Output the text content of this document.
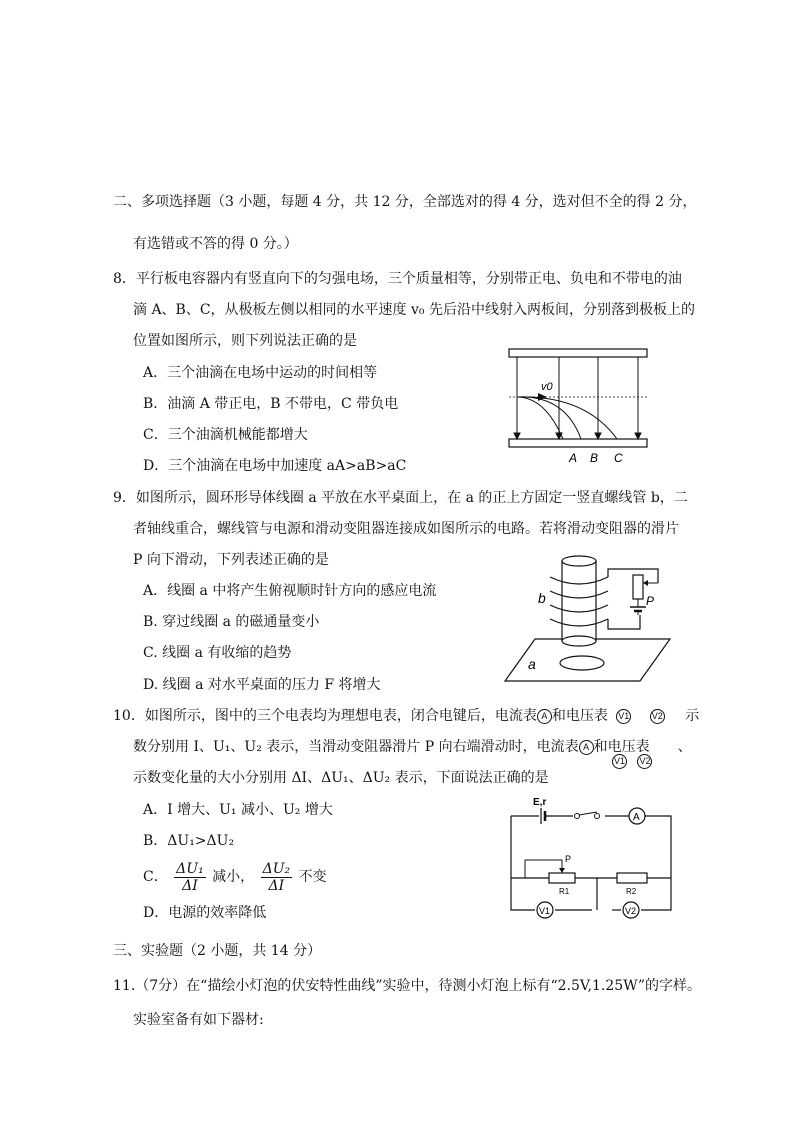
二、多项选择题（3 小题，每题 4 分，共 12 分，全部选对的得 4 分，选对但不全的得 2 分，
有选错或不答的得 0 分。）
8．平行板电容器内有竖直向下的匀强电场，三个质量相等，分别带正电、负电和不带电的油
滴 A、B、C，从极板左侧以相同的水平速度 v₀ 先后沿中线射入两板间，分别落到极板上的
位置如图所示，则下列说法正确的是
A．三个油滴在电场中运动的时间相等
B．油滴 A 带正电，B 不带电，C 带负电
C．三个油滴机械能都增大
D．三个油滴在电场中加速度 aA>aB>aC
v0
A B C
9．如图所示，圆环形导体线圈 a 平放在水平桌面上，在 a 的正上方固定一竖直螺线管 b，二
者轴线重合，螺线管与电源和滑动变阻器连接成如图所示的电路。若将滑动变阻器的滑片
P 向下滑动，下列表述正确的是
A．线圈 a 中将产生俯视顺时针方向的感应电流
B. 穿过线圈 a 的磁通量变小
C. 线圈 a 有收缩的趋势
D. 线圈 a 对水平桌面的压力 F 将增大
b
a
P
10．如图所示，图中的三个电表均为理想电表，闭合电键后，电流表 A 和电压表 V1 V2 示
数分别用 I、U₁、U₂ 表示，当滑动变阻器滑片 P 向右端滑动时，电流表 A 和电压表 、
V1 V2
示数变化量的大小分别用 ΔI、ΔU₁、ΔU₂ 表示，下面说法正确的是
A．I 增大、U₁ 减小、U₂ 增大
B．ΔU₁>ΔU₂
C． $\frac{\text{ΔU₁}}{\Delta I}$ 减小， $\frac{\text{ΔU₂}}{\Delta I}$ 不变
D．电源的效率降低
A
V1	V2
E,r
P
R1	R2
三、实验题（2 小题，共 14 分）
11.（7分）在“描绘小灯泡的伏安特性曲线”实验中，待测小灯泡上标有“2.5V,1.25W”的字样。
实验室备有如下器材:
